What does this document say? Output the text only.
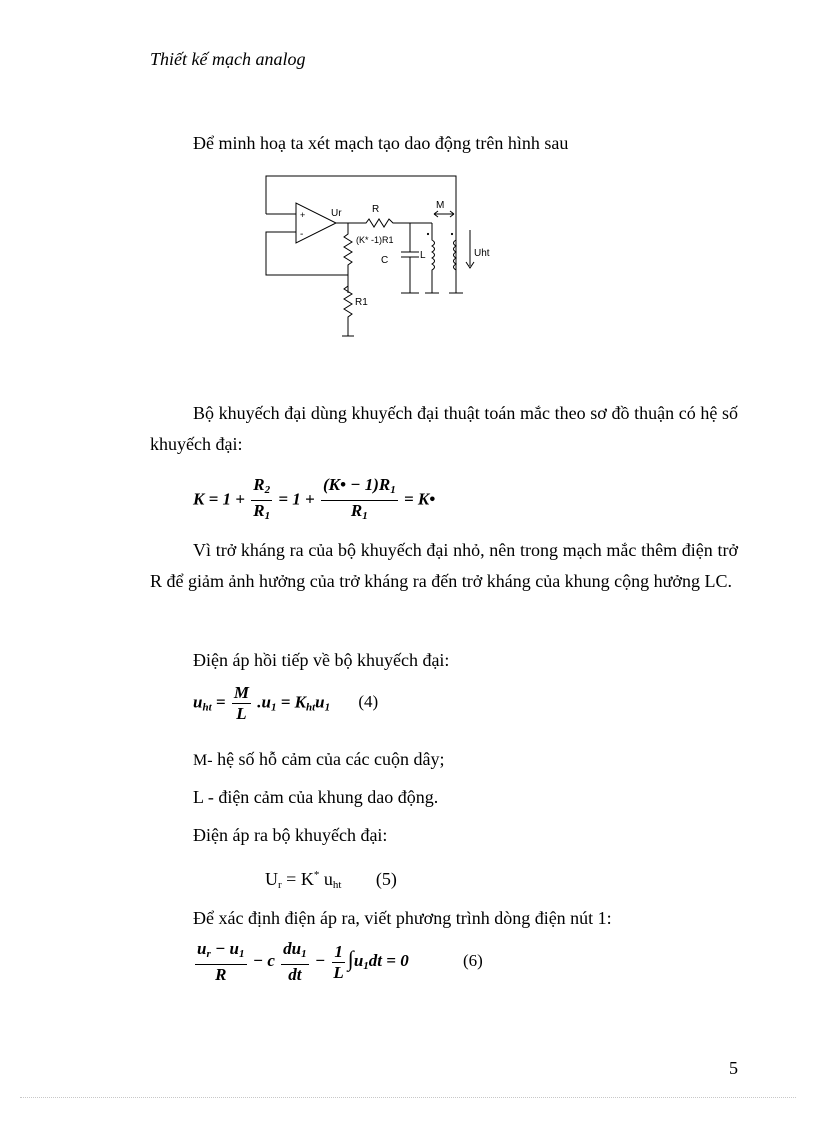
Thiết kế mạch analog
Để minh hoạ ta xét mạch tạo dao động trên hình sau
+
-
Ur	R	M
(K* -1)R1
C	L	Uht
R1
Bộ khuyếch đại dùng khuyếch đại thuật toán mắc theo sơ đồ thuận có hệ số khuyếch đại:
$K = 1 + \frac{R_2}{R_1} = 1 + \frac{(K• - 1)R_1}{R_1}$ = K•
Vì trở kháng ra của bộ khuyếch đại nhỏ, nên trong mạch mắc thêm điện trở R để giảm ảnh hưởng của trở kháng ra đến trở kháng của khung cộng hưởng LC.
Điện áp hồi tiếp về bộ khuyếch đại:
$u_{ht} = \frac{M}{L} .u_1 = K_{ht}u_1$ (4)
M- hệ số hỗ cảm của các cuộn dây;
L - điện cảm của khung dao động.
Điện áp ra bộ khuyếch đại:
$U_r = K^*$ $u_{ht}$ (5)
Để xác định điện áp ra, viết phương trình dòng điện nút 1:
$\frac{u_r - u_1}{R} - c \frac{du_1}{dt} - \frac{1}{L} \int u_1dt = 0$	(6)
5
